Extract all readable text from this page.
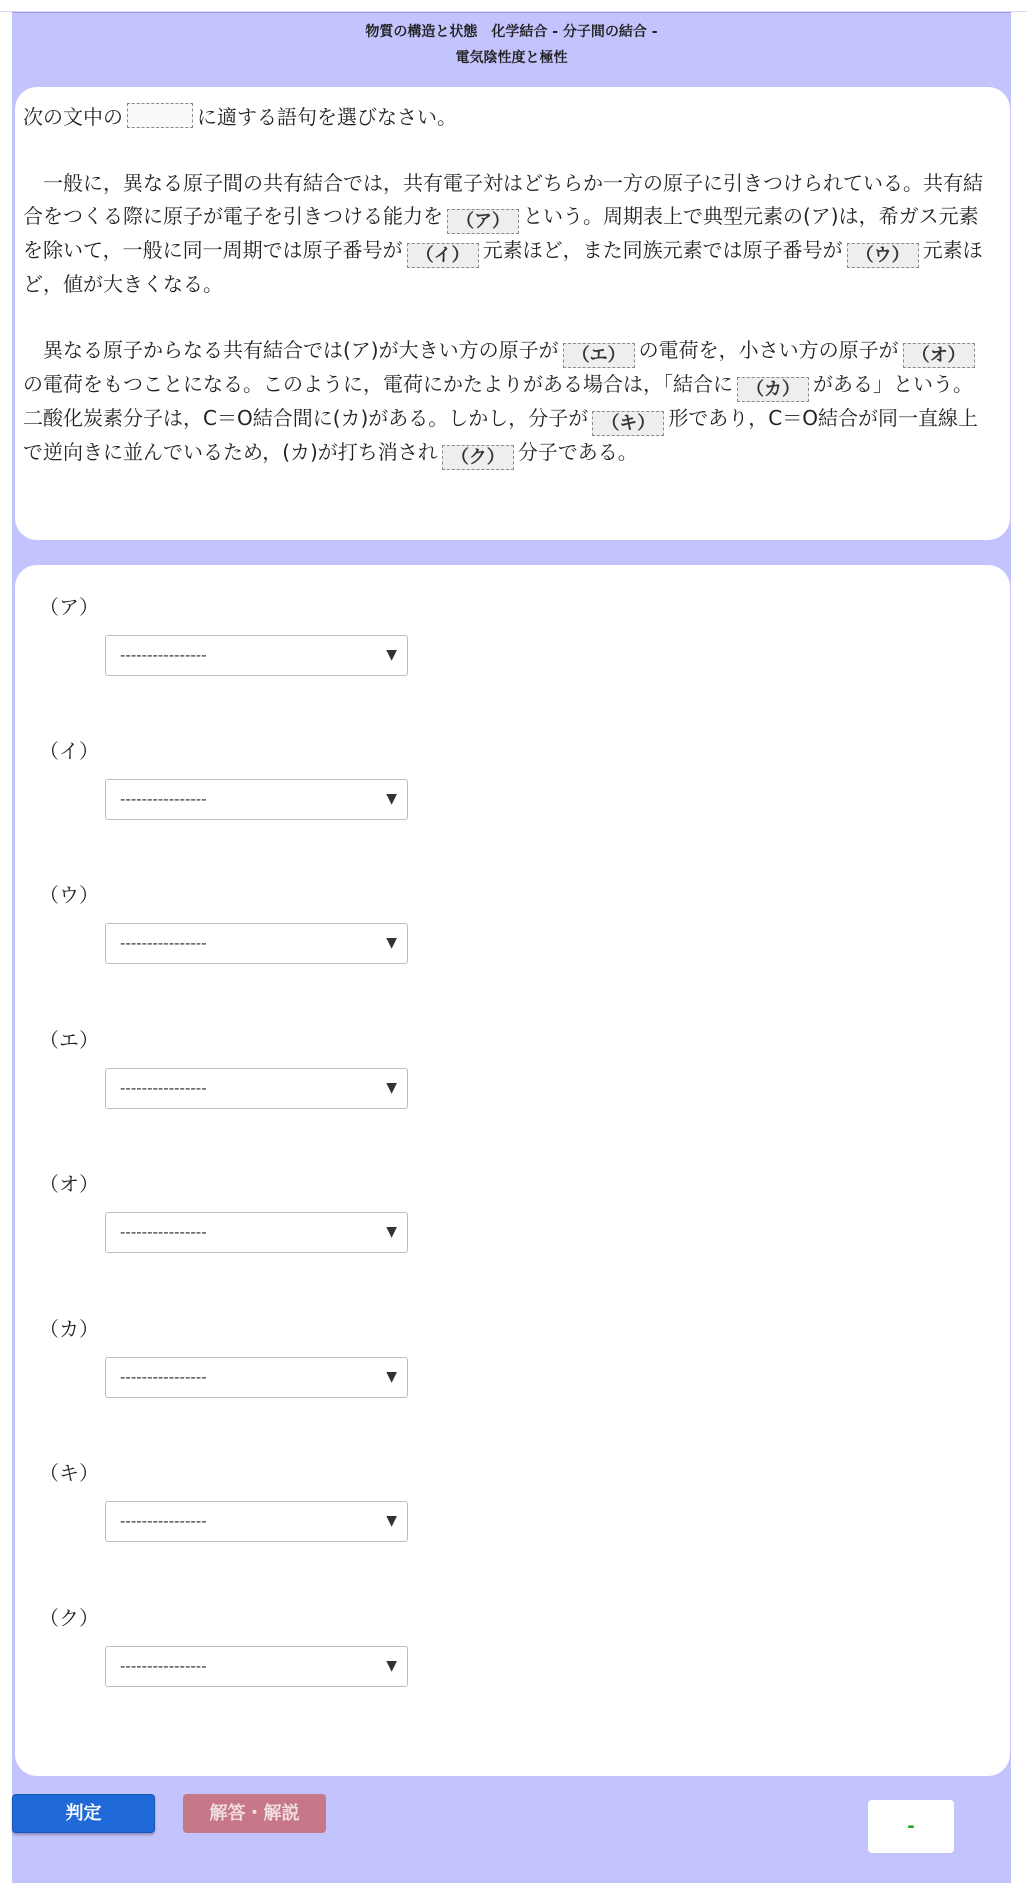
物質の構造と状態　化学結合 - 分子間の結合 -
電気陰性度と極性

次の文中の	に適する語句を選びなさい。

　一般に，異なる原子間の共有結合では，共有電子対はどちらか一方の原子に引きつけられている。共有結合をつくる際に原子が電子を引きつける能力を （ア） という。周期表上で典型元素の(ア)は，希ガス元素を除いて，一般に同一周期では原子番号が （イ） 元素ほど，また同族元素では原子番号が （ウ） 元素ほど，値が大きくなる。

　異なる原子からなる共有結合では(ア)が大きい方の原子が （エ） の電荷を，小さい方の原子が （オ）の電荷をもつことになる。このように，電荷にかたよりがある場合は，「結合に （カ） がある」という。二酸化炭素分子は，C＝O結合間に(カ)がある。しかし，分子が （キ） 形であり，C＝O結合が同一直線上で逆向きに並んでいるため，(カ)が打ち消され （ク） 分子である。

（ア）
----------------	▼
（イ）
----------------	▼
（ウ）
----------------	▼
（エ）
----------------	▼
（オ）
----------------	▼
（カ）
----------------	▼
（キ）
----------------	▼
（ク）
----------------	▼
判定	解答・解説
-
